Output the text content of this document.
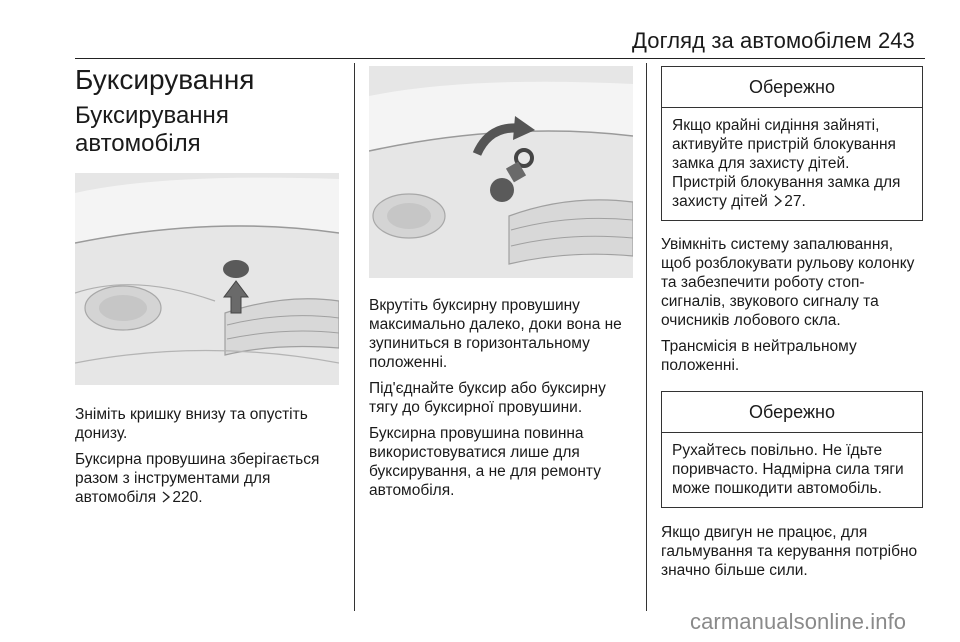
Догляд за автомобілем 243
Буксирування
Буксирування автомобіля

Зніміть кришку внизу та опустіть донизу.

Буксирна провушина зберігається разом з інструментами для автомобіля 220.

Вкрутіть буксирну провушину максимально далеко, доки вона не зупиниться в горизонтальному положенні.

Під'єднайте буксир або буксирну тягу до буксирної провушини.

Буксирна провушина повинна використовуватися лише для буксирування, а не для ремонту автомобіля.

Обережно
Якщо крайні сидіння зайняті, активуйте пристрій блокування замка для захисту дітей.
Пристрій блокування замка для захисту дітей 27.

Увімкніть систему запалювання, щоб розблокувати рульову колонку та забезпечити роботу стоп-сигналів, звукового сигналу та очисників лобового скла.

Трансмісія в нейтральному положенні.

Обережно
Рухайтесь повільно. Не їдьте поривчасто. Надмірна сила тяги може пошкодити автомобіль.

Якщо двигун не працює, для гальмування та керування потрібно значно більше сили.

carmanualsonline.info
